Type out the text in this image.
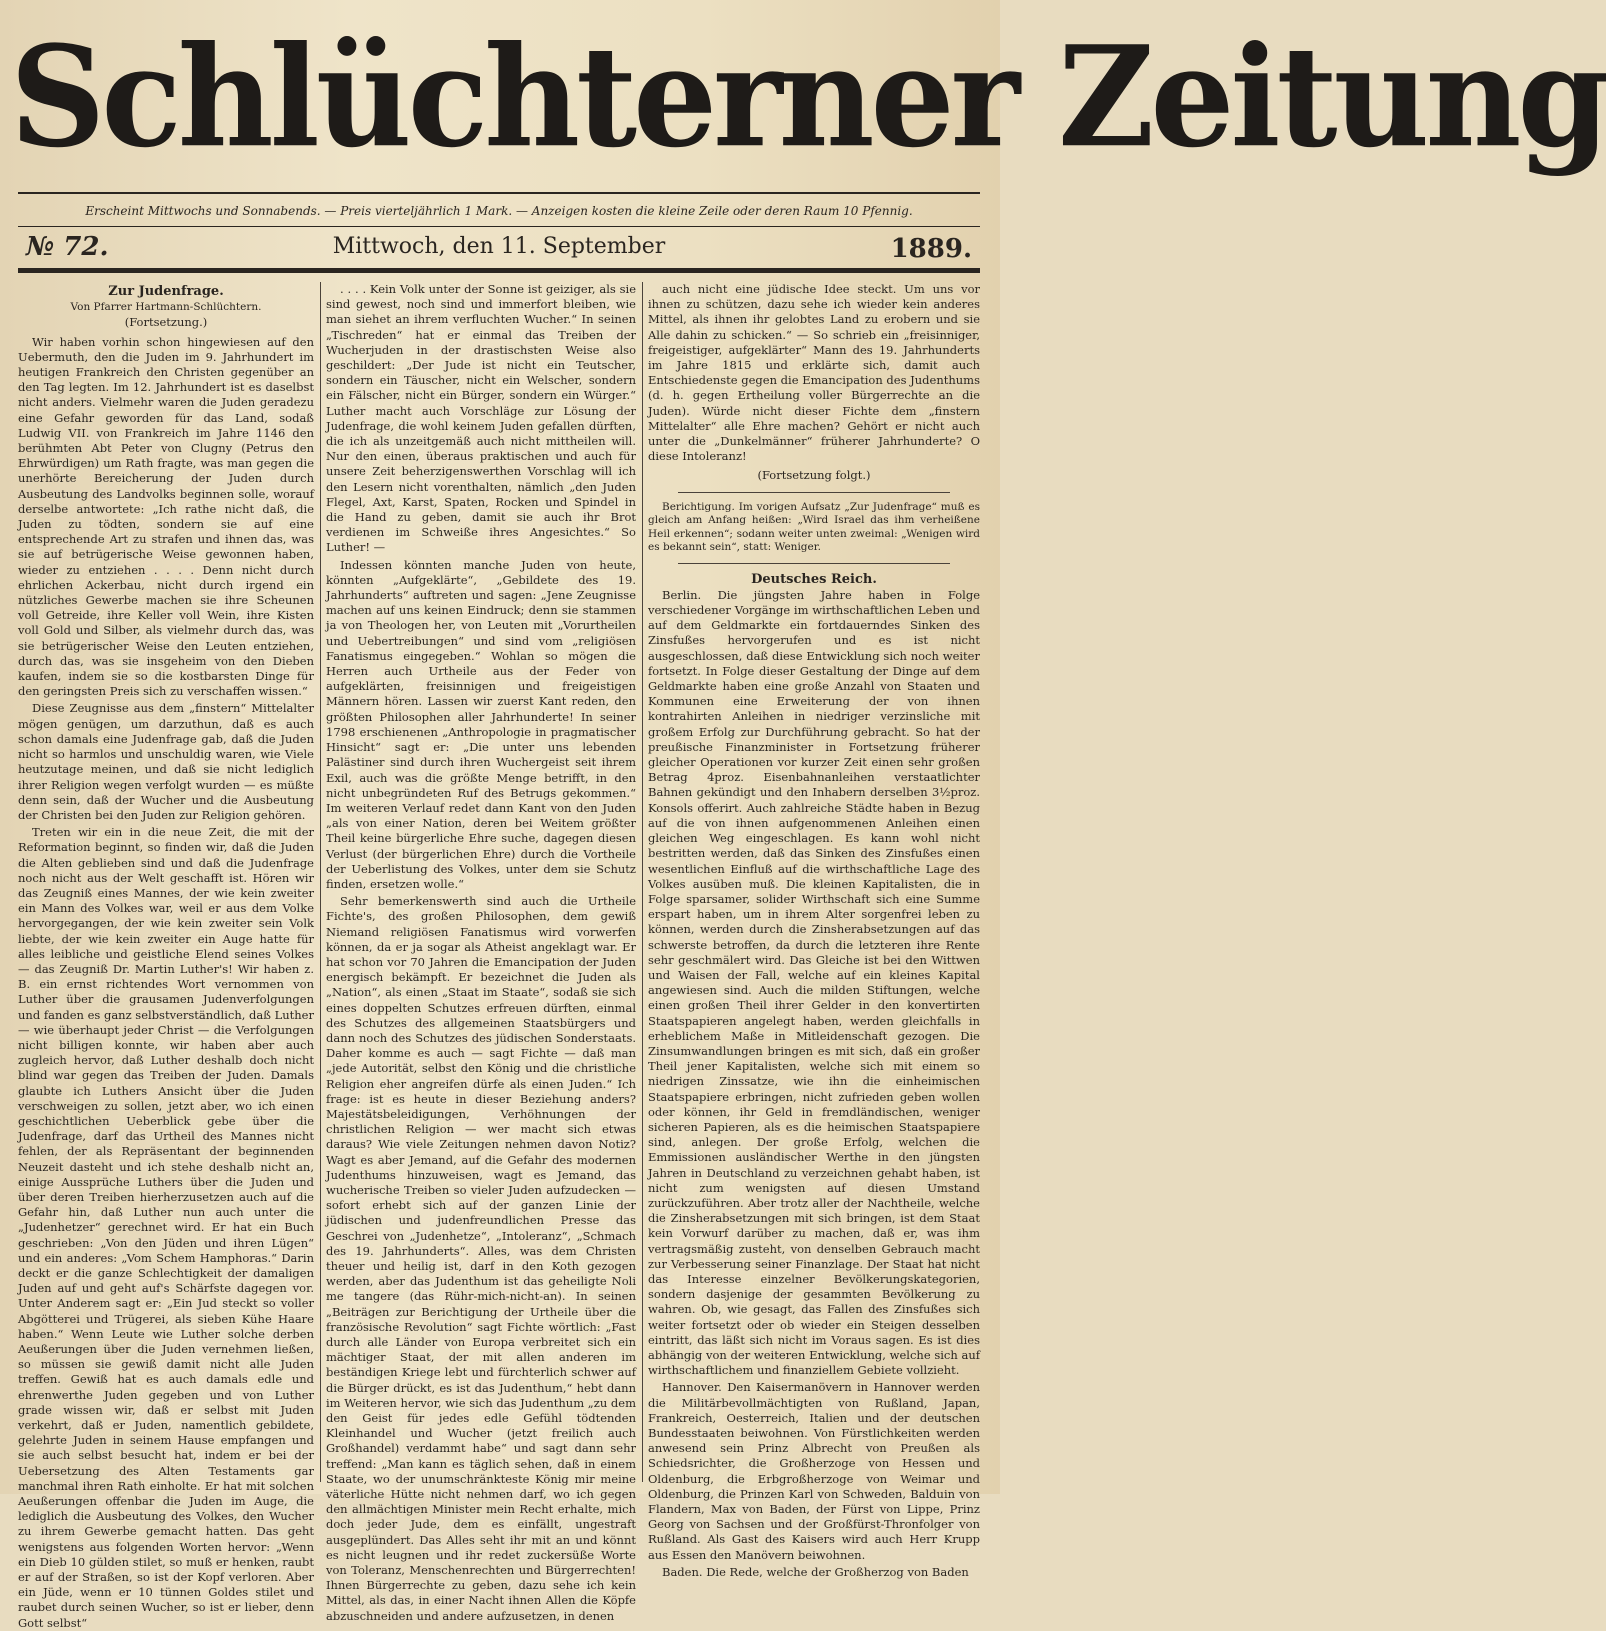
Schlüchterner Zeitung
Erscheint Mittwochs und Sonnabends. — Preis vierteljährlich 1 Mark. — Anzeigen kosten die kleine Zeile oder deren Raum 10 Pfennig.
№ 72.	Mittwoch, den 11. September	1889.
Zur Judenfrage.
Von Pfarrer Hartmann-Schlüchtern.
(Fortsetzung.)

Wir haben vorhin schon hingewiesen auf den Uebermuth, den die Juden im 9. Jahrhundert im heutigen Frankreich den Christen gegenüber an den Tag legten. Im 12. Jahrhundert ist es daselbst nicht anders. Vielmehr waren die Juden geradezu eine Gefahr geworden für das Land, sodaß Ludwig VII. von Frankreich im Jahre 1146 den berühmten Abt Peter von Clugny (Petrus den Ehrwürdigen) um Rath fragte, was man gegen die unerhörte Bereicherung der Juden durch Ausbeutung des Landvolks beginnen solle, worauf derselbe antwortete: „Ich rathe nicht daß, die Juden zu tödten, sondern sie auf eine entsprechende Art zu strafen und ihnen das, was sie auf betrügerische Weise gewonnen haben, wieder zu entziehen . . . . Denn nicht durch ehrlichen Ackerbau, nicht durch irgend ein nützliches Gewerbe machen sie ihre Scheunen voll Getreide, ihre Keller voll Wein, ihre Kisten voll Gold und Silber, als vielmehr durch das, was sie betrügerischer Weise den Leuten entziehen, durch das, was sie insgeheim von den Dieben kaufen, indem sie so die kostbarsten Dinge für den geringsten Preis sich zu verschaffen wissen.“

Diese Zeugnisse aus dem „finstern“ Mittelalter mögen genügen, um darzuthun, daß es auch schon damals eine Judenfrage gab, daß die Juden nicht so harmlos und unschuldig waren, wie Viele heutzutage meinen, und daß sie nicht lediglich ihrer Religion wegen verfolgt wurden — es müßte denn sein, daß der Wucher und die Ausbeutung der Christen bei den Juden zur Religion gehören.

Treten wir ein in die neue Zeit, die mit der Reformation beginnt, so finden wir, daß die Juden die Alten geblieben sind und daß die Judenfrage noch nicht aus der Welt geschafft ist. Hören wir das Zeugniß eines Mannes, der wie kein zweiter ein Mann des Volkes war, weil er aus dem Volke hervorgegangen, der wie kein zweiter sein Volk liebte, der wie kein zweiter ein Auge hatte für alles leibliche und geistliche Elend seines Volkes — das Zeugniß Dr. Martin Luther's! Wir haben z. B. ein ernst richtendes Wort vernommen von Luther über die grausamen Judenverfolgungen und fanden es ganz selbstverständlich, daß Luther — wie überhaupt jeder Christ — die Verfolgungen nicht billigen konnte, wir haben aber auch zugleich hervor, daß Luther deshalb doch nicht blind war gegen das Treiben der Juden. Damals glaubte ich Luthers Ansicht über die Juden verschweigen zu sollen, jetzt aber, wo ich einen geschichtlichen Ueberblick gebe über die Judenfrage, darf das Urtheil des Mannes nicht fehlen, der als Repräsentant der beginnenden Neuzeit dasteht und ich stehe deshalb nicht an, einige Aussprüche Luthers über die Juden und über deren Treiben hierherzusetzen auch auf die Gefahr hin, daß Luther nun auch unter die „Judenhetzer“ gerechnet wird. Er hat ein Buch geschrieben: „Von den Jüden und ihren Lügen“ und ein anderes: „Vom Schem Hamphoras.“ Darin deckt er die ganze Schlechtigkeit der damaligen Juden auf und geht auf's Schärfste dagegen vor. Unter Anderem sagt er: „Ein Jud steckt so voller Abgötterei und Trügerei, als sieben Kühe Haare haben.“ Wenn Leute wie Luther solche derben Aeußerungen über die Juden vernehmen ließen, so müssen sie gewiß damit nicht alle Juden treffen. Gewiß hat es auch damals edle und ehrenwerthe Juden gegeben und von Luther grade wissen wir, daß er selbst mit Juden verkehrt, daß er Juden, namentlich gebildete, gelehrte Juden in seinem Hause empfangen und sie auch selbst besucht hat, indem er bei der Uebersetzung des Alten Testaments gar manchmal ihren Rath einholte. Er hat mit solchen Aeußerungen offenbar die Juden im Auge, die lediglich die Ausbeutung des Volkes, den Wucher zu ihrem Gewerbe gemacht hatten. Das geht wenigstens aus folgenden Worten hervor: „Wenn ein Dieb 10 gülden stilet, so muß er henken, raubt er auf der Straßen, so ist der Kopf verloren. Aber ein Jüde, wenn er 10 tünnen Goldes stilet und raubet durch seinen Wucher, so ist er lieber, denn Gott selbst“

. . . . Kein Volk unter der Sonne ist geiziger, als sie sind gewest, noch sind und immerfort bleiben, wie man siehet an ihrem verfluchten Wucher.“ In seinen „Tischreden“ hat er einmal das Treiben der Wucherjuden in der drastischsten Weise also geschildert: „Der Jude ist nicht ein Teutscher, sondern ein Täuscher, nicht ein Welscher, sondern ein Fälscher, nicht ein Bürger, sondern ein Würger.“ Luther macht auch Vorschläge zur Lösung der Judenfrage, die wohl keinem Juden gefallen dürften, die ich als unzeitgemäß auch nicht mittheilen will. Nur den einen, überaus praktischen und auch für unsere Zeit beherzigenswerthen Vorschlag will ich den Lesern nicht vorenthalten, nämlich „den Juden Flegel, Axt, Karst, Spaten, Rocken und Spindel in die Hand zu geben, damit sie auch ihr Brot verdienen im Schweiße ihres Angesichtes.“ So Luther! —

Indessen könnten manche Juden von heute, könnten „Aufgeklärte“, „Gebildete des 19. Jahrhunderts“ auftreten und sagen: „Jene Zeugnisse machen auf uns keinen Eindruck; denn sie stammen ja von Theologen her, von Leuten mit „Vorurtheilen und Uebertreibungen“ und sind vom „religiösen Fanatismus eingegeben.“ Wohlan so mögen die Herren auch Urtheile aus der Feder von aufgeklärten, freisinnigen und freigeistigen Männern hören. Lassen wir zuerst Kant reden, den größten Philosophen aller Jahrhunderte! In seiner 1798 erschienenen „Anthropologie in pragmatischer Hinsicht“ sagt er: „Die unter uns lebenden Palästiner sind durch ihren Wuchergeist seit ihrem Exil, auch was die größte Menge betrifft, in den nicht unbegründeten Ruf des Betrugs gekommen.“ Im weiteren Verlauf redet dann Kant von den Juden „als von einer Nation, deren bei Weitem größter Theil keine bürgerliche Ehre suche, dagegen diesen Verlust (der bürgerlichen Ehre) durch die Vortheile der Ueberlistung des Volkes, unter dem sie Schutz finden, ersetzen wolle.“

Sehr bemerkenswerth sind auch die Urtheile Fichte's, des großen Philosophen, dem gewiß Niemand religiösen Fanatismus wird vorwerfen können, da er ja sogar als Atheist angeklagt war. Er hat schon vor 70 Jahren die Emancipation der Juden energisch bekämpft. Er bezeichnet die Juden als „Nation“, als einen „Staat im Staate“, sodaß sie sich eines doppelten Schutzes erfreuen dürften, einmal des Schutzes des allgemeinen Staatsbürgers und dann noch des Schutzes des jüdischen Sonderstaats. Daher komme es auch — sagt Fichte — daß man „jede Autorität, selbst den König und die christliche Religion eher angreifen dürfe als einen Juden.“ Ich frage: ist es heute in dieser Beziehung anders? Majestätsbeleidigungen, Verhöhnungen der christlichen Religion — wer macht sich etwas daraus? Wie viele Zeitungen nehmen davon Notiz? Wagt es aber Jemand, auf die Gefahr des modernen Judenthums hinzuweisen, wagt es Jemand, das wucherische Treiben so vieler Juden aufzudecken — sofort erhebt sich auf der ganzen Linie der jüdischen und judenfreundlichen Presse das Geschrei von „Judenhetze“, „Intoleranz“, „Schmach des 19. Jahrhunderts“. Alles, was dem Christen theuer und heilig ist, darf in den Koth gezogen werden, aber das Judenthum ist das geheiligte Noli me tangere (das Rühr-mich-nicht-an). In seinen „Beiträgen zur Berichtigung der Urtheile über die französische Revolution“ sagt Fichte wörtlich: „Fast durch alle Länder von Europa verbreitet sich ein mächtiger Staat, der mit allen anderen im beständigen Kriege lebt und fürchterlich schwer auf die Bürger drückt, es ist das Judenthum,“ hebt dann im Weiteren hervor, wie sich das Judenthum „zu dem den Geist für jedes edle Gefühl tödtenden Kleinhandel und Wucher (jetzt freilich auch Großhandel) verdammt habe“ und sagt dann sehr treffend: „Man kann es täglich sehen, daß in einem Staate, wo der unumschränkteste König mir meine väterliche Hütte nicht nehmen darf, wo ich gegen den allmächtigen Minister mein Recht erhalte, mich doch jeder Jude, dem es einfällt, ungestraft ausgeplündert. Das Alles seht ihr mit an und könnt es nicht leugnen und ihr redet zuckersüße Worte von Toleranz, Menschenrechten und Bürgerrechten! Ihnen Bürgerrechte zu geben, dazu sehe ich kein Mittel, als das, in einer Nacht ihnen Allen die Köpfe abzuschneiden und andere aufzusetzen, in denen

auch nicht eine jüdische Idee steckt. Um uns vor ihnen zu schützen, dazu sehe ich wieder kein anderes Mittel, als ihnen ihr gelobtes Land zu erobern und sie Alle dahin zu schicken.“ — So schrieb ein „freisinniger, freigeistiger, aufgeklärter“ Mann des 19. Jahrhunderts im Jahre 1815 und erklärte sich, damit auch Entschiedenste gegen die Emancipation des Judenthums (d. h. gegen Ertheilung voller Bürgerrechte an die Juden). Würde nicht dieser Fichte dem „finstern Mittelalter“ alle Ehre machen? Gehört er nicht auch unter die „Dunkelmänner“ früherer Jahrhunderte? O diese Intoleranz!

(Fortsetzung folgt.)

Berichtigung. Im vorigen Aufsatz „Zur Judenfrage“ muß es gleich am Anfang heißen: „Wird Israel das ihm verheißene Heil erkennen“; sodann weiter unten zweimal: „Wenigen wird es bekannt sein“, statt: Weniger.

Deutsches Reich.

Berlin. Die jüngsten Jahre haben in Folge verschiedener Vorgänge im wirthschaftlichen Leben und auf dem Geldmarkte ein fortdauerndes Sinken des Zinsfußes hervorgerufen und es ist nicht ausgeschlossen, daß diese Entwicklung sich noch weiter fortsetzt. In Folge dieser Gestaltung der Dinge auf dem Geldmarkte haben eine große Anzahl von Staaten und Kommunen eine Erweiterung der von ihnen kontrahirten Anleihen in niedriger verzinsliche mit großem Erfolg zur Durchführung gebracht. So hat der preußische Finanzminister in Fortsetzung früherer gleicher Operationen vor kurzer Zeit einen sehr großen Betrag 4proz. Eisenbahnanleihen verstaatlichter Bahnen gekündigt und den Inhabern derselben 3½proz. Konsols offerirt. Auch zahlreiche Städte haben in Bezug auf die von ihnen aufgenommenen Anleihen einen gleichen Weg eingeschlagen. Es kann wohl nicht bestritten werden, daß das Sinken des Zinsfußes einen wesentlichen Einfluß auf die wirthschaftliche Lage des Volkes ausüben muß. Die kleinen Kapitalisten, die in Folge sparsamer, solider Wirthschaft sich eine Summe erspart haben, um in ihrem Alter sorgenfrei leben zu können, werden durch die Zinsherabsetzungen auf das schwerste betroffen, da durch die letzteren ihre Rente sehr geschmälert wird. Das Gleiche ist bei den Wittwen und Waisen der Fall, welche auf ein kleines Kapital angewiesen sind. Auch die milden Stiftungen, welche einen großen Theil ihrer Gelder in den konvertirten Staatspapieren angelegt haben, werden gleichfalls in erheblichem Maße in Mitleidenschaft gezogen. Die Zinsumwandlungen bringen es mit sich, daß ein großer Theil jener Kapitalisten, welche sich mit einem so niedrigen Zinssatze, wie ihn die einheimischen Staatspapiere erbringen, nicht zufrieden geben wollen oder können, ihr Geld in fremdländischen, weniger sicheren Papieren, als es die heimischen Staatspapiere sind, anlegen. Der große Erfolg, welchen die Emmissionen ausländischer Werthe in den jüngsten Jahren in Deutschland zu verzeichnen gehabt haben, ist nicht zum wenigsten auf diesen Umstand zurückzuführen. Aber trotz aller der Nachtheile, welche die Zinsherabsetzungen mit sich bringen, ist dem Staat kein Vorwurf darüber zu machen, daß er, was ihm vertragsmäßig zusteht, von denselben Gebrauch macht zur Verbesserung seiner Finanzlage. Der Staat hat nicht das Interesse einzelner Bevölkerungskategorien, sondern dasjenige der gesammten Bevölkerung zu wahren. Ob, wie gesagt, das Fallen des Zinsfußes sich weiter fortsetzt oder ob wieder ein Steigen desselben eintritt, das läßt sich nicht im Voraus sagen. Es ist dies abhängig von der weiteren Entwicklung, welche sich auf wirthschaftlichem und finanziellem Gebiete vollzieht.

Hannover. Den Kaisermanövern in Hannover werden die Militärbevollmächtigten von Rußland, Japan, Frankreich, Oesterreich, Italien und der deutschen Bundesstaaten beiwohnen. Von Fürstlichkeiten werden anwesend sein Prinz Albrecht von Preußen als Schiedsrichter, die Großherzoge von Hessen und Oldenburg, die Erbgroßherzoge von Weimar und Oldenburg, die Prinzen Karl von Schweden, Balduin von Flandern, Max von Baden, der Fürst von Lippe, Prinz Georg von Sachsen und der Großfürst-Thronfolger von Rußland. Als Gast des Kaisers wird auch Herr Krupp aus Essen den Manövern beiwohnen.

Baden. Die Rede, welche der Großherzog von Baden
